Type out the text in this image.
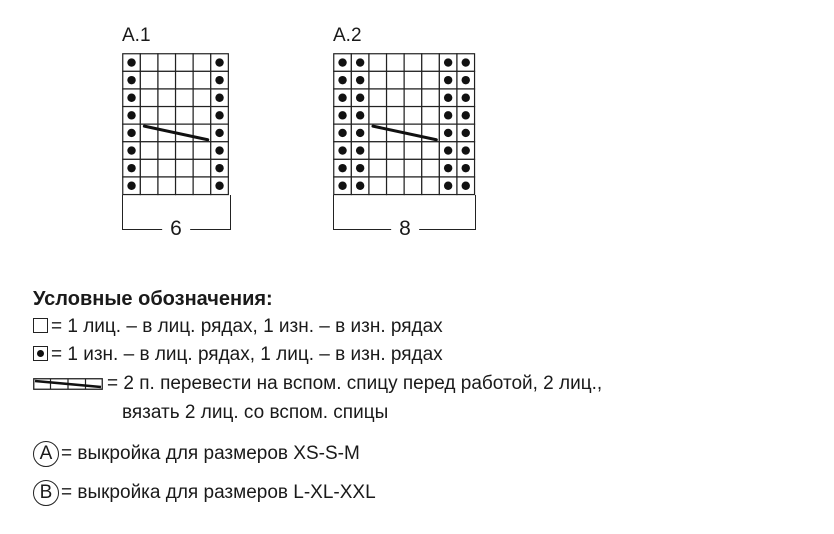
A.1
6
A.2
8
Условные обозначения:
= 1 лиц. – в лиц. рядах, 1 изн. – в изн. рядах
= 1 изн. – в лиц. рядах, 1 лиц. – в изн. рядах
= 2 п. перевести на вспом. спицу перед работой, 2 лиц.,
вязать 2 лиц. со вспом. спицы
A = выкройка для размеров XS-S-M
B = выкройка для размеров L-XL-XXL
